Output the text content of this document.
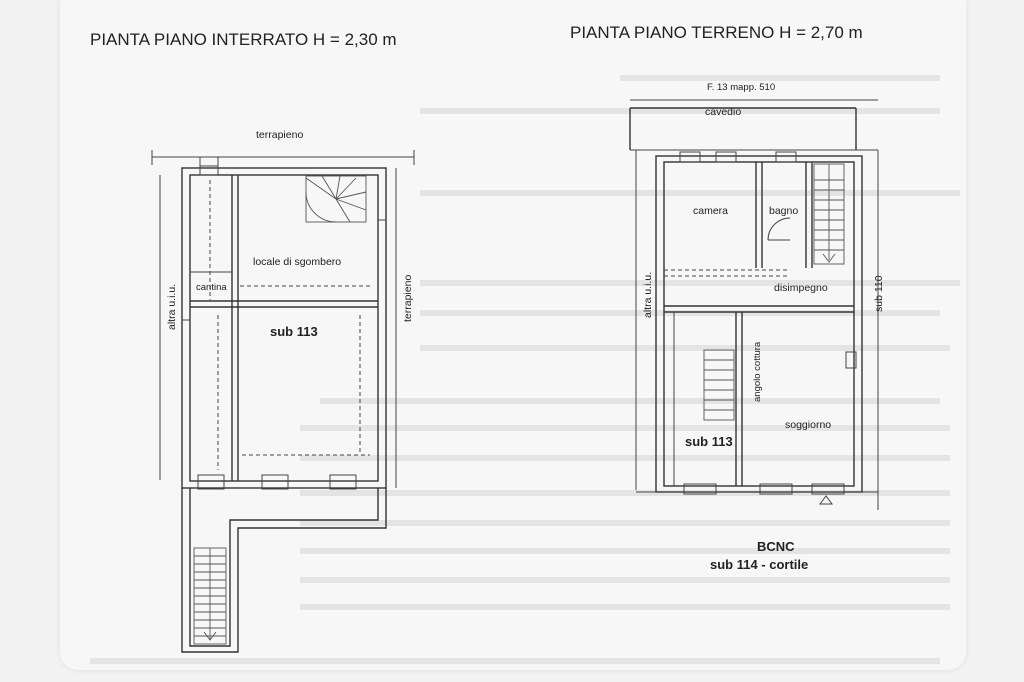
PIANTA PIANO INTERRATO H = 2,30 m
terrapieno
altra u.i.u.	terrapieno
locale di sgombero
cantina
sub 113
PIANTA PIANO TERRENO H = 2,70 m
F. 13 mapp. 510
altra u.i.u.	sub 110
cavedio
camera	bagno
disimpegno
angolo cottura
soggiorno
sub 113
BCNC
sub 114 - cortile
